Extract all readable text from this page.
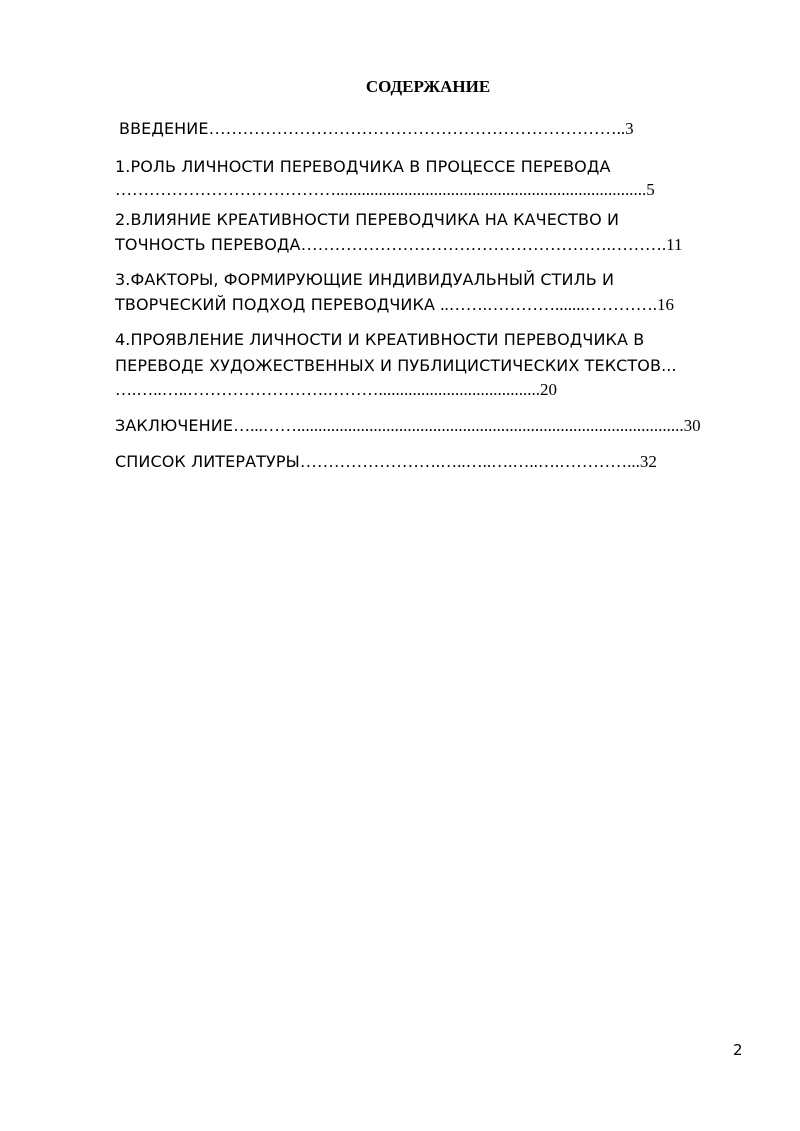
СОДЕРЖАНИЕ
ВВЕДЕНИЕ………………………………………………………………..3
1.РОЛЬ ЛИЧНОСТИ ПЕРЕВОДЧИКА В ПРОЦЕССЕ ПЕРЕВОДА
………………………………….........................................................................5
2.ВЛИЯНИЕ КРЕАТИВНОСТИ ПЕРЕВОДЧИКА НА КАЧЕСТВО И
ТОЧНОСТЬ ПЕРЕВОДА……………………………………………….……….11
3.ФАКТОРЫ, ФОРМИРУЮЩИЕ ИНДИВИДУАЛЬНЫЙ СТИЛЬ И
ТВОРЧЕСКИЙ ПОДХОД ПЕРЕВОДЧИКА ..…….………….......………….16
4.ПРОЯВЛЕНИЕ ЛИЧНОСТИ И КРЕАТИВНОСТИ ПЕРЕВОДЧИКА В
ПЕРЕВОДЕ ХУДОЖЕСТВЕННЫХ И ПУБЛИЦИСТИЧЕСКИХ ТЕКСТОВ...
….…..…..…………………….………......................................20
ЗАКЛЮЧЕНИЕ…...……...........................................................................................30
СПИСОК ЛИТЕРАТУРЫ…………………….…..…..….…..….…………...32
2
